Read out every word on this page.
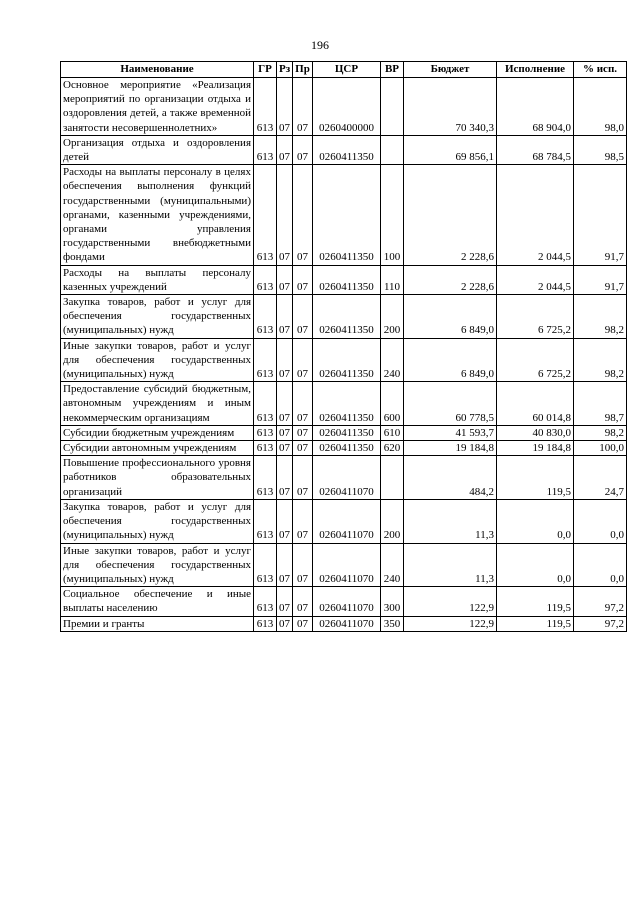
196
Наименование	ГР	Рз	Пр	ЦСР	ВР	Бюджет	Исполнение	% исп.
Основное мероприятие «Реализация мероприятий по организации отдыха и оздоровления детей, а также временной занятости несовершеннолетних»	613	07	07	0260400000		70 340,3	68 904,0	98,0
Организация отдыха и оздоровления детей	613	07	07	0260411350		69 856,1	68 784,5	98,5
Расходы на выплаты персоналу в целях обеспечения выполнения функций государственными (муниципальными) органами, казенными учреждениями, органами управления государственными внебюджетными фондами	613	07	07	0260411350	100	2 228,6	2 044,5	91,7
Расходы на выплаты персоналу казенных учреждений	613	07	07	0260411350	110	2 228,6	2 044,5	91,7
Закупка товаров, работ и услуг для обеспечения государственных (муниципальных) нужд	613	07	07	0260411350	200	6 849,0	6 725,2	98,2
Иные закупки товаров, работ и услуг для обеспечения государственных (муниципальных) нужд	613	07	07	0260411350	240	6 849,0	6 725,2	98,2
Предоставление субсидий бюджетным, автономным учреждениям и иным некоммерческим организациям	613	07	07	0260411350	600	60 778,5	60 014,8	98,7
Субсидии бюджетным учреждениям	613	07	07	0260411350	610	41 593,7	40 830,0	98,2
Субсидии автономным учреждениям	613	07	07	0260411350	620	19 184,8	19 184,8	100,0
Повышение профессионального уровня работников образовательных организаций	613	07	07	0260411070		484,2	119,5	24,7
Закупка товаров, работ и услуг для обеспечения государственных (муниципальных) нужд	613	07	07	0260411070	200	11,3	0,0	0,0
Иные закупки товаров, работ и услуг для обеспечения государственных (муниципальных) нужд	613	07	07	0260411070	240	11,3	0,0	0,0
Социальное обеспечение и иные выплаты населению	613	07	07	0260411070	300	122,9	119,5	97,2
Премии и гранты	613	07	07	0260411070	350	122,9	119,5	97,2
